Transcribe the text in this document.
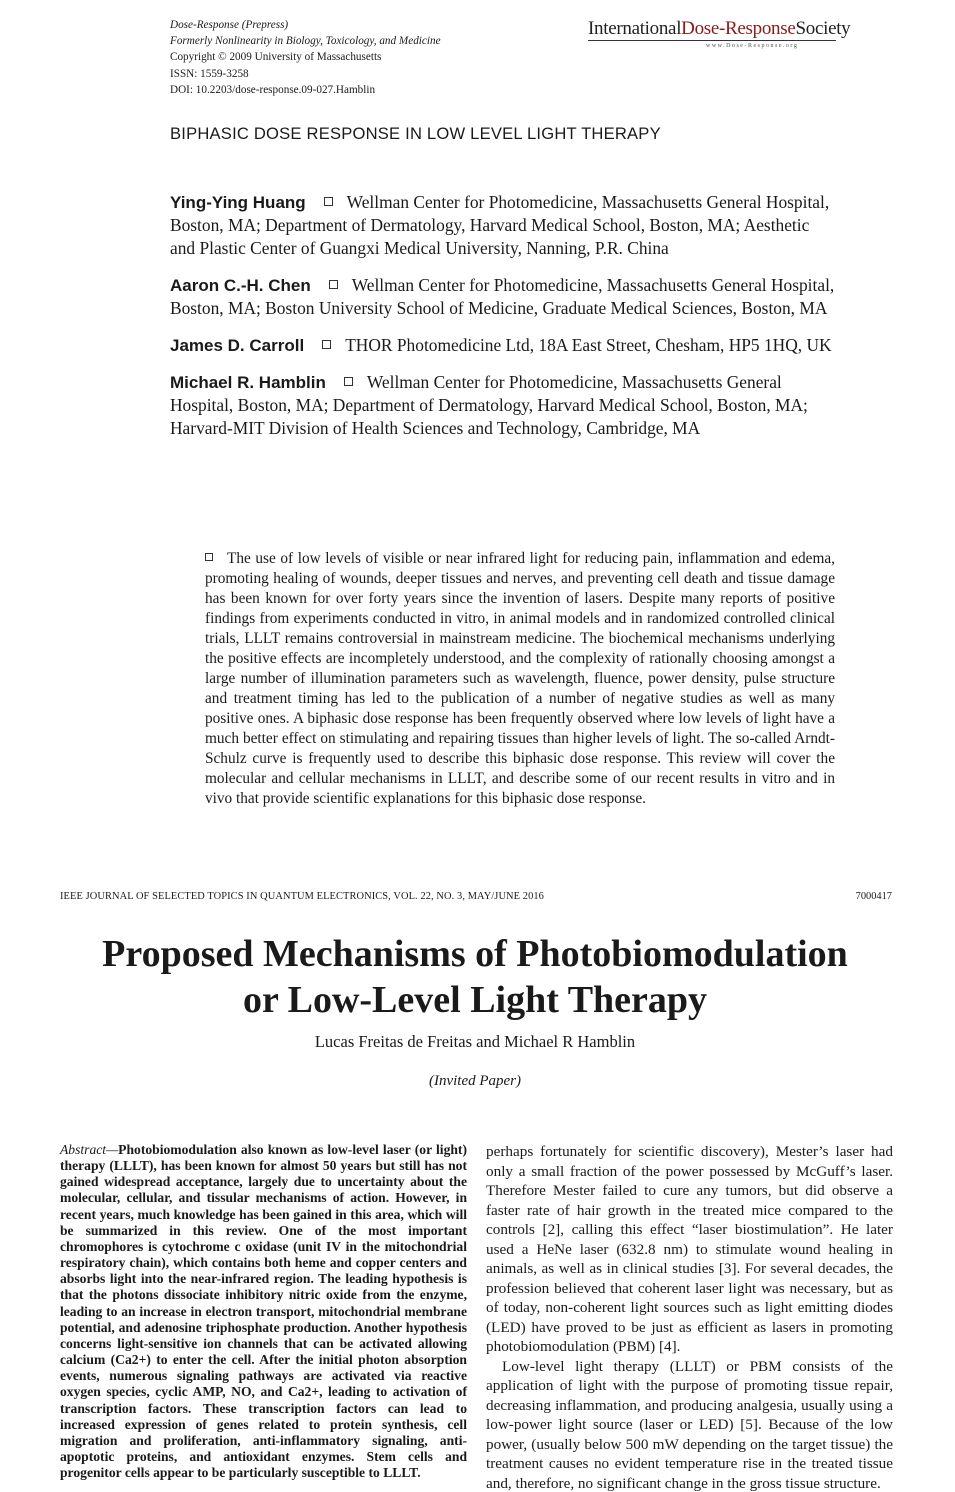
Dose-Response (Prepress)
Formerly Nonlinearity in Biology, Toxicology, and Medicine
Copyright © 2009 University of Massachusetts
ISSN: 1559-3258
DOI: 10.2203/dose-response.09-027.Hamblin
InternationalDose-ResponseSociety
www.Dose-Response.org
BIPHASIC DOSE RESPONSE IN LOW LEVEL LIGHT THERAPY
Ying-Ying Huang Wellman Center for Photomedicine, Massachusetts General Hospital, Boston, MA; Department of Dermatology, Harvard Medical School, Boston, MA; Aesthetic and Plastic Center of Guangxi Medical University, Nanning, P.R. China
Aaron C.-H. Chen Wellman Center for Photomedicine, Massachusetts General Hospital, Boston, MA; Boston University School of Medicine, Graduate Medical Sciences, Boston, MA
James D. Carroll THOR Photomedicine Ltd, 18A East Street, Chesham, HP5 1HQ, UK
Michael R. Hamblin Wellman Center for Photomedicine, Massachusetts General Hospital, Boston, MA; Department of Dermatology, Harvard Medical School, Boston, MA; Harvard-MIT Division of Health Sciences and Technology, Cambridge, MA
The use of low levels of visible or near infrared light for reducing pain, inflammation and edema, promoting healing of wounds, deeper tissues and nerves, and preventing cell death and tissue damage has been known for over forty years since the invention of lasers. Despite many reports of positive findings from experiments conducted in vitro, in animal models and in randomized controlled clinical trials, LLLT remains controversial in mainstream medicine. The biochemical mechanisms underlying the positive effects are incompletely understood, and the complexity of rationally choosing amongst a large number of illumination parameters such as wavelength, fluence, power density, pulse structure and treatment timing has led to the publication of a number of negative studies as well as many positive ones. A biphasic dose response has been frequently observed where low levels of light have a much better effect on stimulating and repairing tissues than higher levels of light. The so-called Arndt-Schulz curve is frequently used to describe this biphasic dose response. This review will cover the molecular and cellular mechanisms in LLLT, and describe some of our recent results in vitro and in vivo that provide scientific explanations for this biphasic dose response.
IEEE JOURNAL OF SELECTED TOPICS IN QUANTUM ELECTRONICS, VOL. 22, NO. 3, MAY/JUNE 2016	7000417
Proposed Mechanisms of Photobiomodulation
or Low-Level Light Therapy
Lucas Freitas de Freitas and Michael R Hamblin
(Invited Paper)
Abstract—Photobiomodulation also known as low-level laser (or light) therapy (LLLT), has been known for almost 50 years but still has not gained widespread acceptance, largely due to uncertainty about the molecular, cellular, and tissular mechanisms of action. However, in recent years, much knowledge has been gained in this area, which will be summarized in this review. One of the most important chromophores is cytochrome c oxidase (unit IV in the mitochondrial respiratory chain), which contains both heme and copper centers and absorbs light into the near-infrared region. The leading hypothesis is that the photons dissociate inhibitory nitric oxide from the enzyme, leading to an increase in electron transport, mitochondrial membrane potential, and adenosine triphosphate production. Another hypothesis concerns light-sensitive ion channels that can be activated allowing calcium (Ca2+) to enter the cell. After the initial photon absorption events, numerous signaling pathways are activated via reactive oxygen species, cyclic AMP, NO, and Ca2+, leading to activation of transcription factors. These transcription factors can lead to increased expression of genes related to protein synthesis, cell migration and proliferation, anti-inflammatory signaling, anti-apoptotic proteins, and antioxidant enzymes. Stem cells and progenitor cells appear to be particularly susceptible to LLLT.

perhaps fortunately for scientific discovery), Mester’s laser had only a small fraction of the power possessed by McGuff’s laser. Therefore Mester failed to cure any tumors, but did observe a faster rate of hair growth in the treated mice compared to the controls [2], calling this effect “laser biostimulation”. He later used a HeNe laser (632.8 nm) to stimulate wound healing in animals, as well as in clinical studies [3]. For several decades, the profession believed that coherent laser light was necessary, but as of today, non-coherent light sources such as light emitting diodes (LED) have proved to be just as efficient as lasers in promoting photobiomodulation (PBM) [4].

Low-level light therapy (LLLT) or PBM consists of the application of light with the purpose of promoting tissue repair, decreasing inflammation, and producing analgesia, usually using a low-power light source (laser or LED) [5]. Because of the low power, (usually below 500 mW depending on the target tissue) the treatment causes no evident temperature rise in the treated tissue and, therefore, no significant change in the gross tissue structure.
